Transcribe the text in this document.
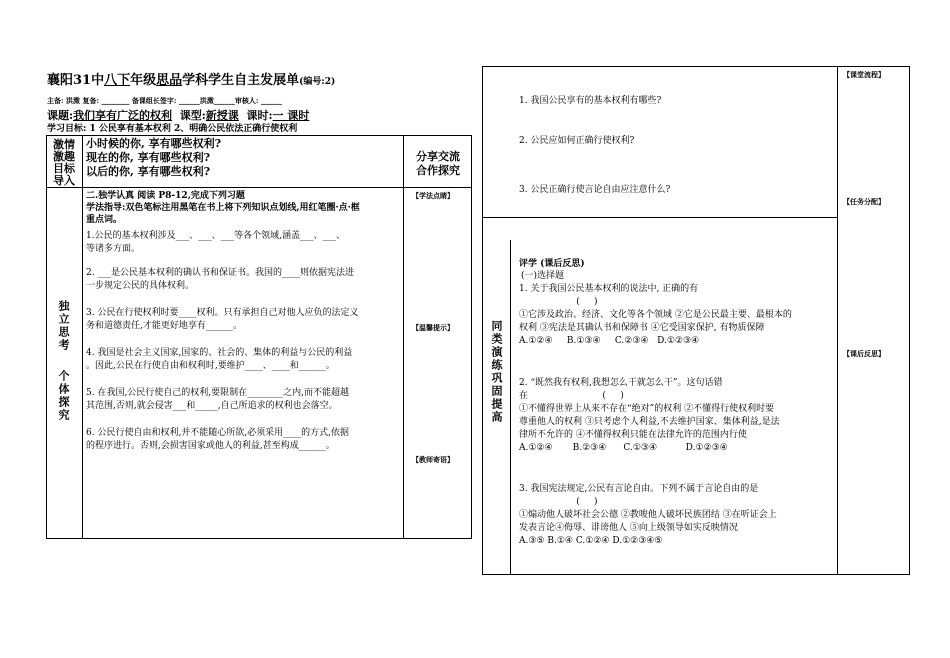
襄阳31中八下年级思品学科学生自主发展单(编号:2)
主备: 洪溦 复备: ________ 备课组长签字: ______洪溦______审核人: ______
课题:我们享有广泛的权利 课型:新授课 课时:一 课时
学习目标: 1 公民享有基本权利 2、明确公民依法正确行使权利
激情
激趣
目标
导入
小时候的你, 享有哪些权利?
现在的你, 享有哪些权利?
以后的你, 享有哪些权利?
分享交流
合作探究
独立思考
个体探究
二.独学认真 阅读 P8-12,完成下列习题
学法指导:双色笔标注用黑笔在书上将下列知识点划线,用红笔圈·点·框
重点词。
1.公民的基本权利涉及___、___、___等各个领域,涵盖___、___、
等诸多方面。
2. ___是公民基本权利的确认书和保证书。我国的____则依据宪法进
一步规定公民的具体权利。
3. 公民在行使权利时要____权利。只有承担自己对他人应负的法定义
务和道德责任,才能更好地享有______。
4. 我国是社会主义国家,国家的、社会的、集体的利益与公民的利益
。因此,公民在行使自由和权利时,要维护____、____和______。
5. 在我国,公民行使自己的权利,要限制在________之内,而不能超越
其范围,否则,就会侵害___和_____,自己所追求的权利也会落空。
6. 公民行使自由和权利,并不能随心所欲,必须采用____的方式,依据
的程序进行。否则,会损害国家或他人的利益,甚至构成______。
【学法点睛】
【温馨提示】
【教师寄语】
1. 我国公民享有的基本权利有哪些?
2. 公民应如何正确行使权利?
3. 公民正确行使言论自由应注意什么?
同类演练巩固提高
评学 (课后反思)
(一)选择题
1. 关于我国公民基本权利的说法中, 正确的有
(     )
①它涉及政治、经济、文化等各个领域 ②它是公民最主要、最根本的
权利 ③宪法是其确认书和保障书 ④它受国家保护, 有物质保障
A.①②④     B.①③④     C.②③④   D.①②③④
2. “既然我有权利,我想怎么干就怎么干”。这句话错
在                          (     )
①不懂得世界上从来不存在“绝对”的权利 ②不懂得行使权利时要
尊重他人的权利 ③只考虑个人利益,不去维护国家、集体利益,是法
律所不允许的 ④不懂得权利只能在法律允许的范围内行使
A.①②④       B.②③④      C.①③④          D.①②③④
3. 我国宪法规定,公民有言论自由。下列不属于言论自由的是
(     )
①煽动他人破坏社会公德 ②教唆他人破坏民族团结 ③在听证会上
发表言论④侮辱、诽谤他人 ⑤向上级领导如实反映情况
A.③⑤ B.①④ C.①②④ D.①②③④⑤
【课堂流程】
【任务分配】
【课后反思】
